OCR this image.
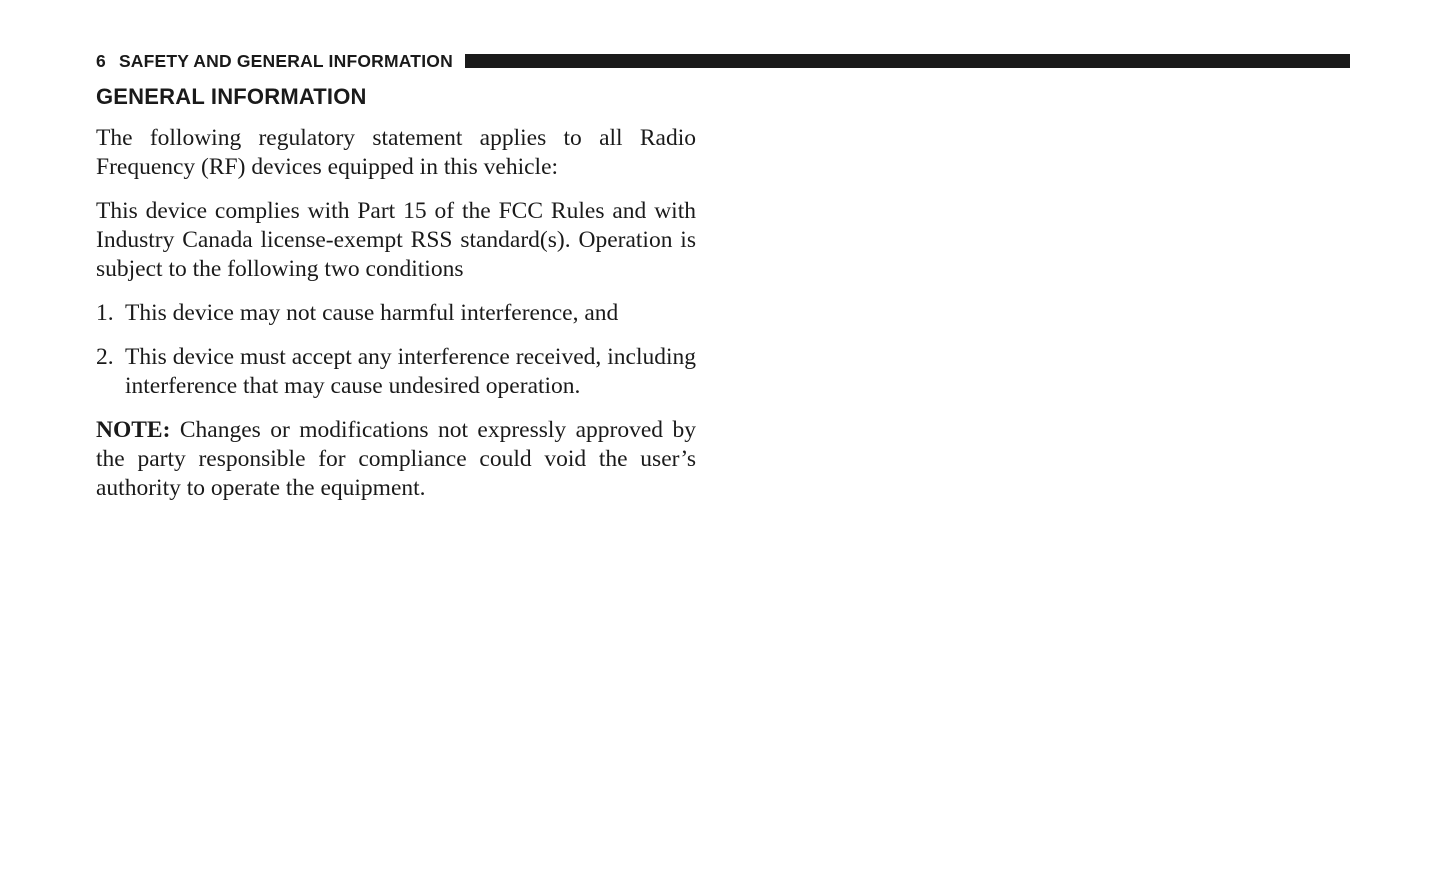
6 SAFETY AND GENERAL INFORMATION
GENERAL INFORMATION

The following regulatory statement applies to all Radio Frequency (RF) devices equipped in this vehicle:

This device complies with Part 15 of the FCC Rules and with Industry Canada license-exempt RSS standard(s). Operation is subject to the following two conditions

1. This device may not cause harmful interference, and
2. This device must accept any interference received, including interference that may cause undesired operation.

NOTE: Changes or modifications not expressly approved by the party responsible for compliance could void the user’s authority to operate the equipment.
